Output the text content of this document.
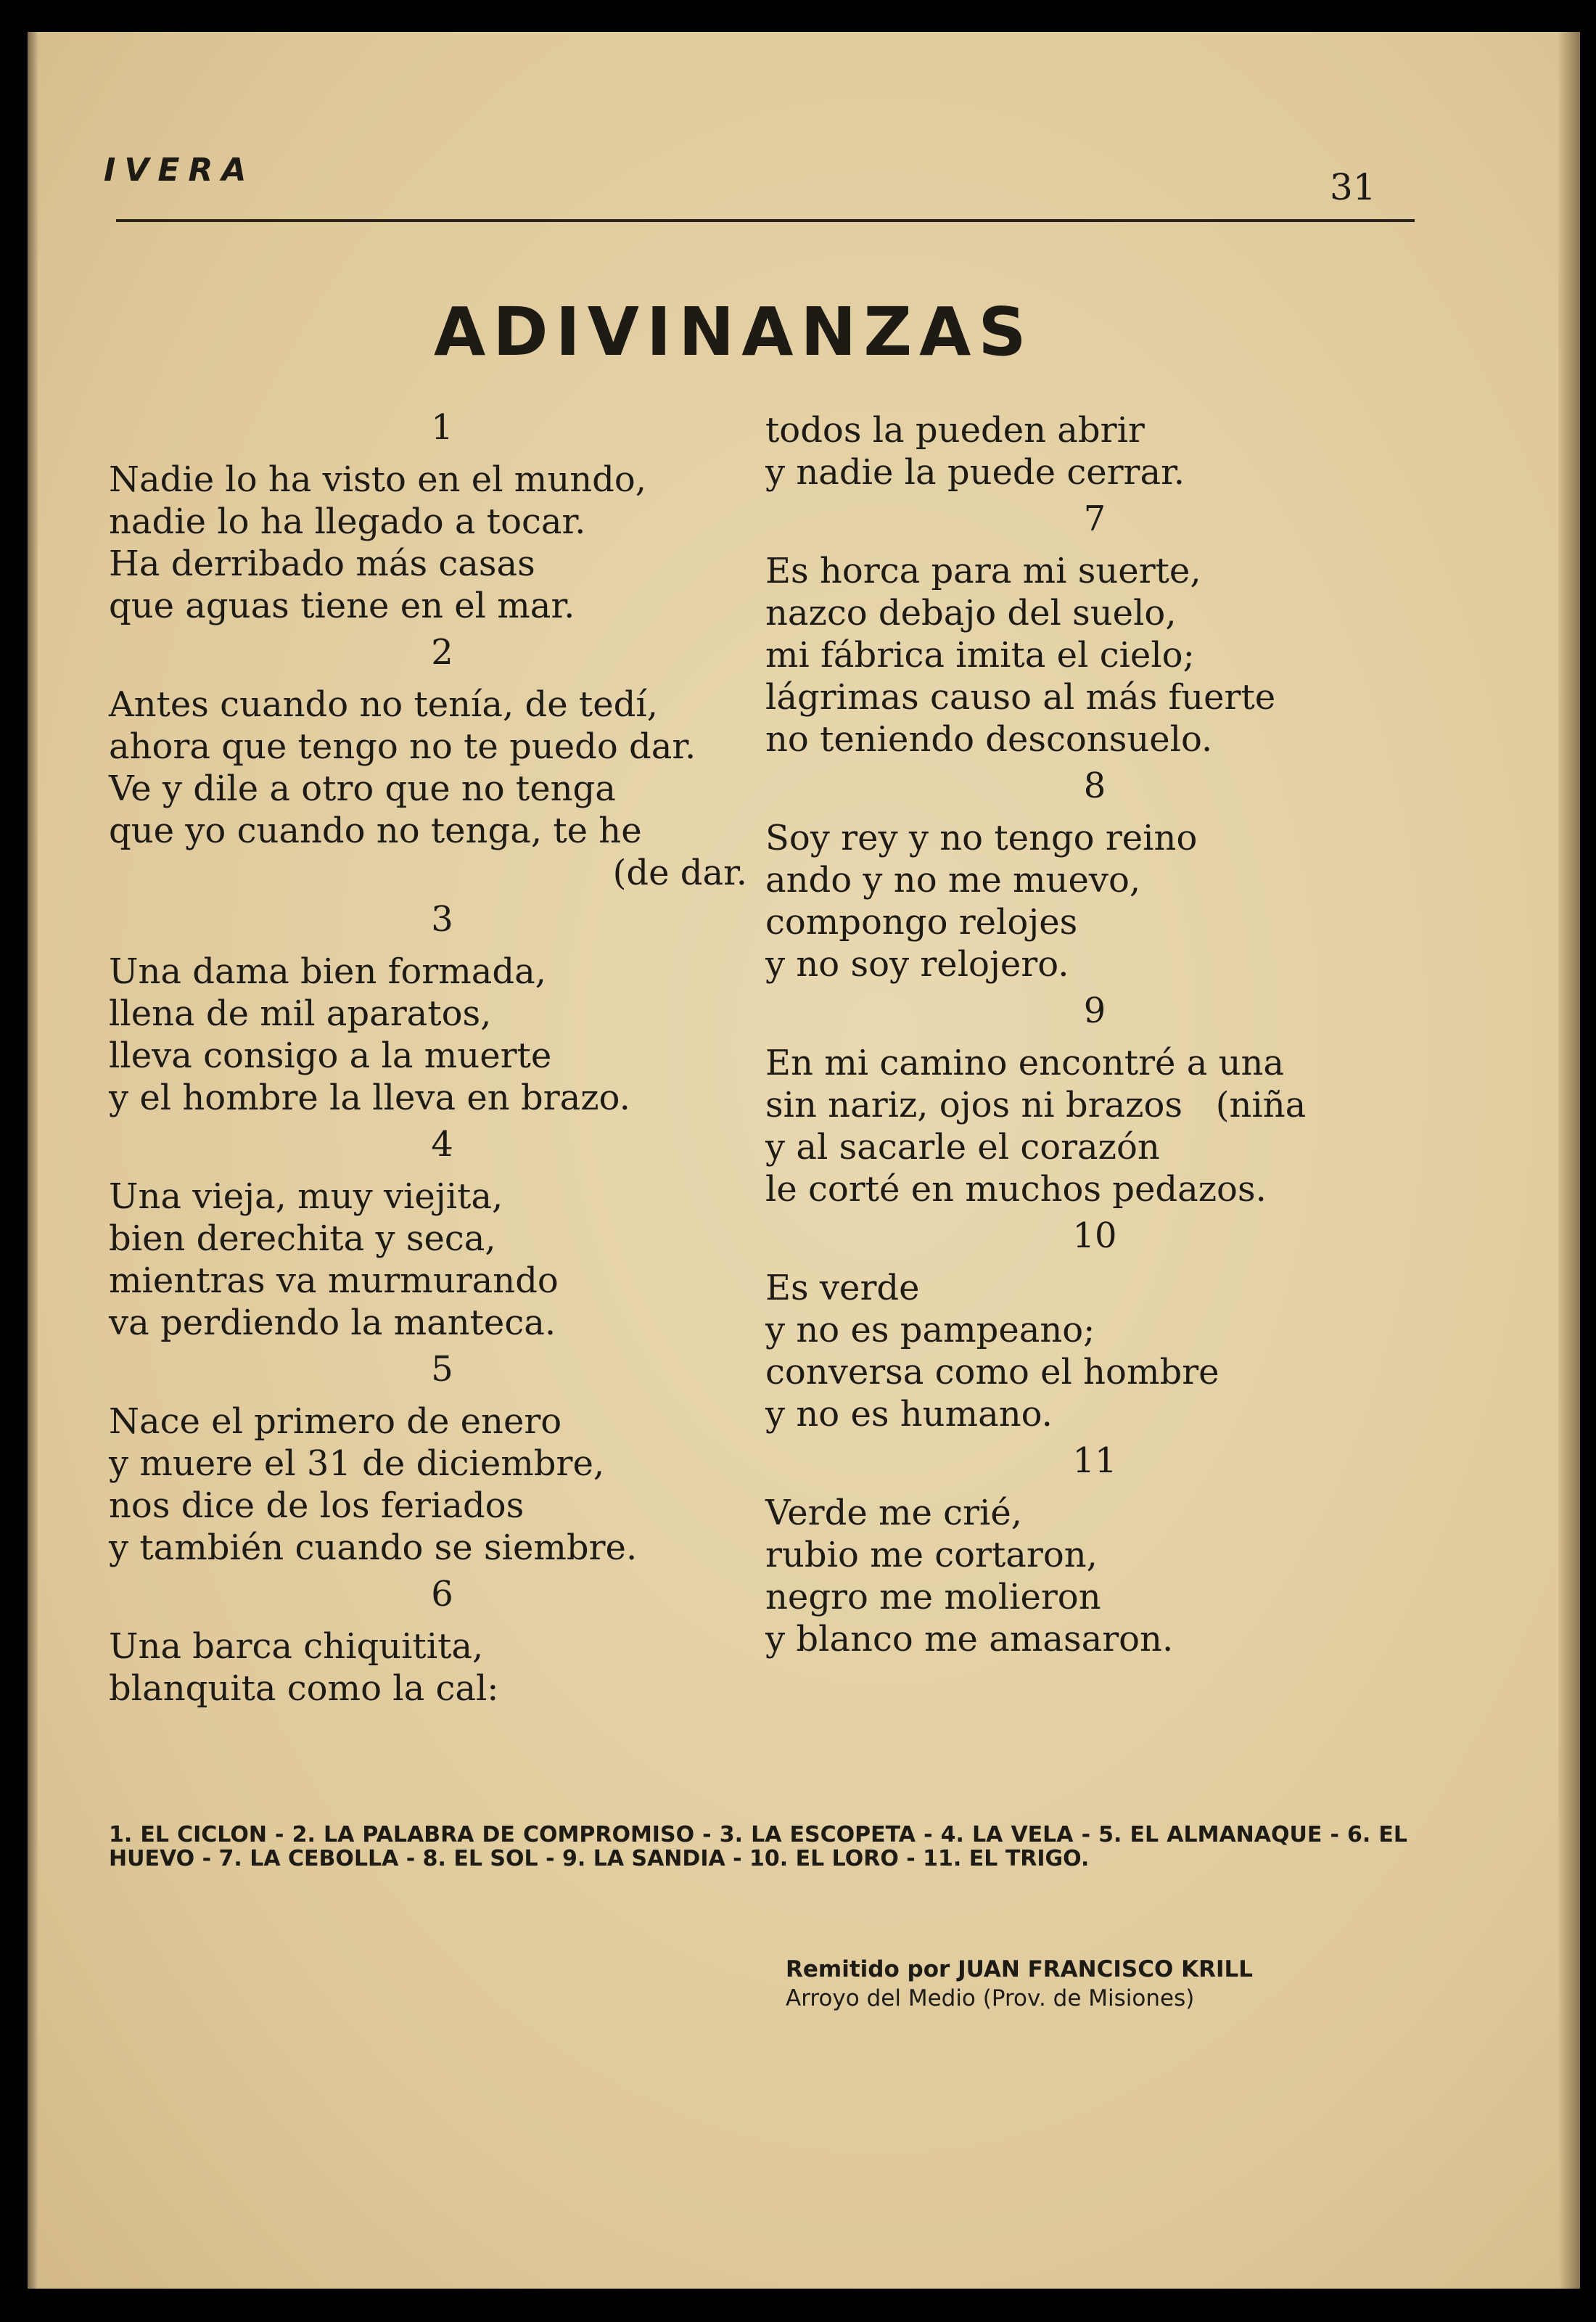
IVERA	31
ADIVINANZAS
1
Nadie lo ha visto en el mundo,
nadie lo ha llegado a tocar.
Ha derribado más casas
que aguas tiene en el mar.
2
Antes cuando no tenía, de tedí,
ahora que tengo no te puedo dar.
Ve y dile a otro que no tenga
que yo cuando no tenga, te he
(de dar.
3
Una dama bien formada,
llena de mil aparatos,
lleva consigo a la muerte
y el hombre la lleva en brazo.
4
Una vieja, muy viejita,
bien derechita y seca,
mientras va murmurando
va perdiendo la manteca.
5
Nace el primero de enero
y muere el 31 de diciembre,
nos dice de los feriados
y también cuando se siembre.
6
Una barca chiquitita,
blanquita como la cal:
todos la pueden abrir
y nadie la puede cerrar.
7
Es horca para mi suerte,
nazco debajo del suelo,
mi fábrica imita el cielo;
lágrimas causo al más fuerte
no teniendo desconsuelo.
8
Soy rey y no tengo reino
ando y no me muevo,
compongo relojes
y no soy relojero.
9
En mi camino encontré a una
sin nariz, ojos ni brazos   (niña
y al sacarle el corazón
le corté en muchos pedazos.
10
Es verde
y no es pampeano;
conversa como el hombre
y no es humano.
11
Verde me crié,
rubio me cortaron,
negro me molieron
y blanco me amasaron.
1. EL CICLON - 2. LA PALABRA DE COMPROMISO - 3. LA ESCOPETA - 4. LA VELA - 5. EL ALMANAQUE - 6. EL HUEVO - 7. LA CEBOLLA - 8. EL SOL - 9. LA SANDIA - 10. EL LORO - 11. EL TRIGO.
Remitido por JUAN FRANCISCO KRILL
Arroyo del Medio (Prov. de Misiones)
